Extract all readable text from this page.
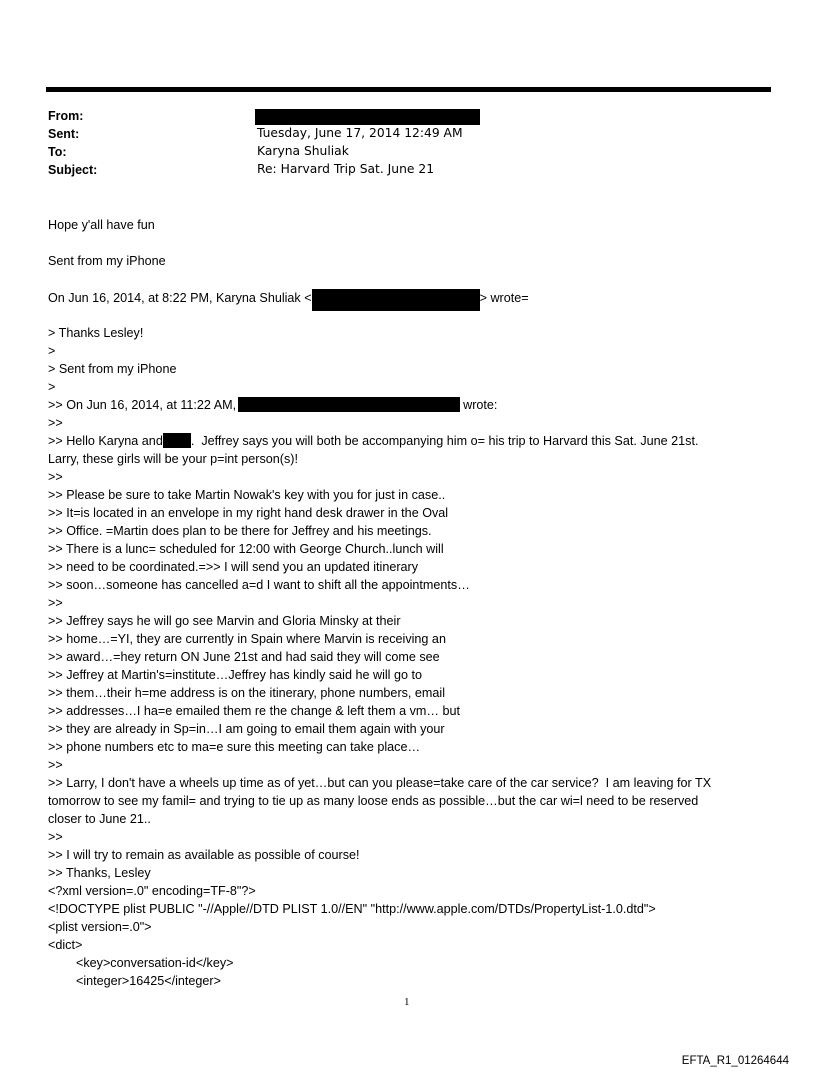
From:
Sent:	Tuesday, June 17, 2014 12:49 AM
To:	Karyna Shuliak
Subject:	Re: Harvard Trip Sat. June 21
Hope y'all have fun
Sent from my iPhone
On Jun 16, 2014, at 8:22 PM, Karyna Shuliak <	> wrote=
> Thanks Lesley!
>
> Sent from my iPhone
>
>> On Jun 16, 2014, at 11:22 AM,	wrote:
>>
>> Hello Karyna and .  Jeffrey says you will both be accompanying him o= his trip to Harvard this Sat. June 21st.
Larry, these girls will be your p=int person(s)!
>>
>> Please be sure to take Martin Nowak's key with you for just in case..
>> It=is located in an envelope in my right hand desk drawer in the Oval
>> Office. =Martin does plan to be there for Jeffrey and his meetings.
>> There is a lunc= scheduled for 12:00 with George Church..lunch will
>> need to be coordinated.=>> I will send you an updated itinerary
>> soon…someone has cancelled a=d I want to shift all the appointments…
>>
>> Jeffrey says he will go see Marvin and Gloria Minsky at their
>> home…=YI, they are currently in Spain where Marvin is receiving an
>> award…=hey return ON June 21st and had said they will come see
>> Jeffrey at Martin's=institute…Jeffrey has kindly said he will go to
>> them…their h=me address is on the itinerary, phone numbers, email
>> addresses…I ha=e emailed them re the change & left them a vm… but
>> they are already in Sp=in…I am going to email them again with your
>> phone numbers etc to ma=e sure this meeting can take place…
>>
>> Larry, I don't have a wheels up time as of yet…but can you please=take care of the car service?  I am leaving for TX
tomorrow to see my famil= and trying to tie up as many loose ends as possible…but the car wi=l need to be reserved
closer to June 21..
>>
>> I will try to remain as available as possible of course!
>> Thanks, Lesley
<?xml version=.0" encoding=TF-8"?>
<!DOCTYPE plist PUBLIC "-//Apple//DTD PLIST 1.0//EN" "http://www.apple.com/DTDs/PropertyList-1.0.dtd">
<plist version=.0">
<dict>
<key>conversation-id</key>
<integer>16425</integer>
1
EFTA_R1_01264644
